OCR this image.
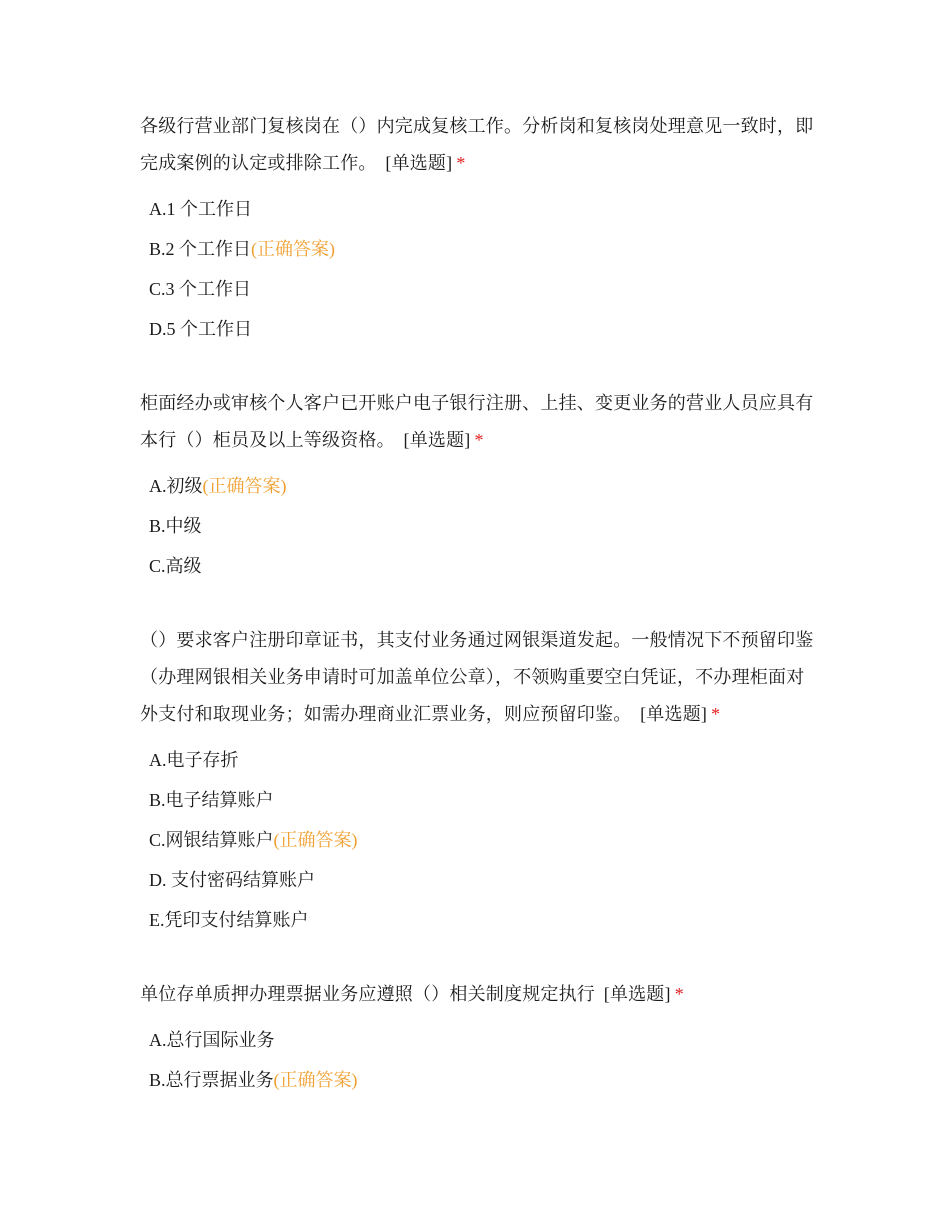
各级行营业部门复核岗在（）内完成复核工作。分析岗和复核岗处理意见一致时，即完成案例的认定或排除工作。 [单选题] *

A.1 个工作日
B.2 个工作日(正确答案)
C.3 个工作日
D.5 个工作日

柜面经办或审核个人客户已开账户电子银行注册、上挂、变更业务的营业人员应具有本行（）柜员及以上等级资格。 [单选题] *

A.初级(正确答案)
B.中级
C.高级

（）要求客户注册印章证书，其支付业务通过网银渠道发起。一般情况下不预留印鉴（办理网银相关业务申请时可加盖单位公章），不领购重要空白凭证，不办理柜面对外支付和取现业务；如需办理商业汇票业务，则应预留印鉴。 [单选题] *

A.电子存折
B.电子结算账户
C.网银结算账户(正确答案)
D. 支付密码结算账户
E.凭印支付结算账户

单位存单质押办理票据业务应遵照（）相关制度规定执行 [单选题] *

A.总行国际业务
B.总行票据业务(正确答案)
